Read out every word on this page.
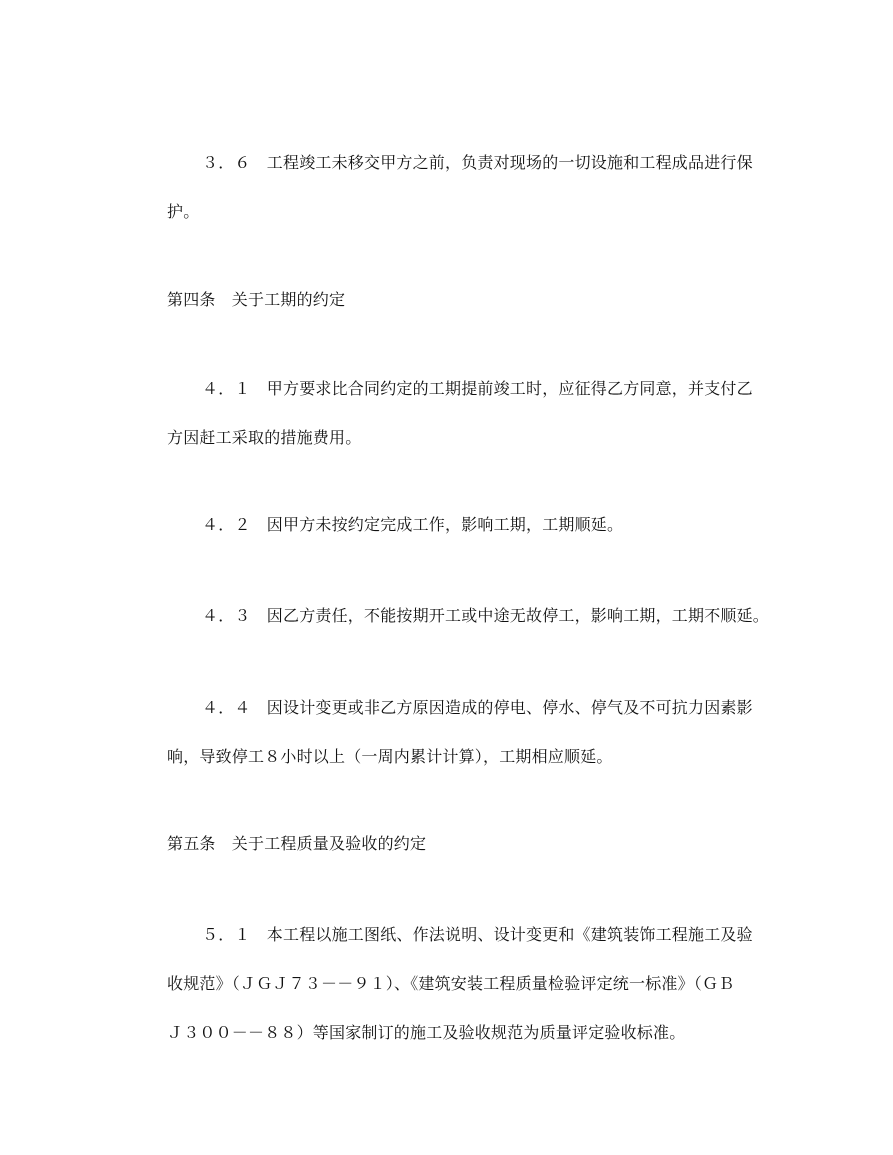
３．６　工程竣工未移交甲方之前，负责对现场的一切设施和工程成品进行保
护。
第四条　关于工期的约定
４．１　甲方要求比合同约定的工期提前竣工时，应征得乙方同意，并支付乙
方因赶工采取的措施费用。
４．２　因甲方未按约定完成工作，影响工期，工期顺延。
４．３　因乙方责任，不能按期开工或中途无故停工，影响工期，工期不顺延。
４．４　因设计变更或非乙方原因造成的停电、停水、停气及不可抗力因素影
响，导致停工８小时以上（一周内累计计算），工期相应顺延。
第五条　关于工程质量及验收的约定
５．１　本工程以施工图纸、作法说明、设计变更和《建筑装饰工程施工及验
收规范》（ＪＧＪ７３－－９１）、《建筑安装工程质量检验评定统一标准》（ＧＢ
Ｊ３００－－８８）等国家制订的施工及验收规范为质量评定验收标准。
